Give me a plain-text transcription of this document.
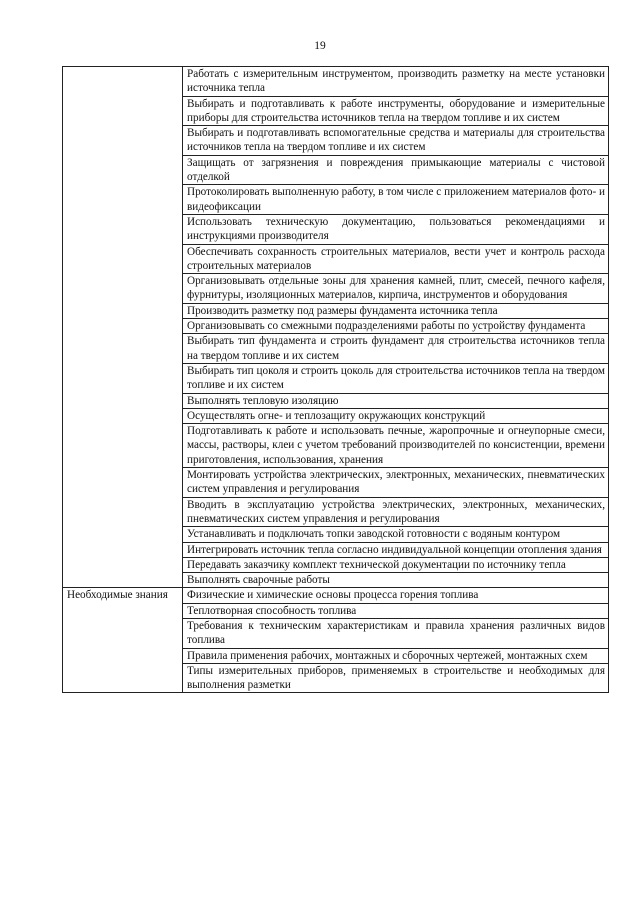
19
	Работать с измерительным инструментом, производить разметку на месте установки источника тепла
	Выбирать и подготавливать к работе инструменты, оборудование и измерительные приборы для строительства источников тепла на твердом топливе и их систем
	Выбирать и подготавливать вспомогательные средства и материалы для строительства источников тепла на твердом топливе и их систем
	Защищать от загрязнения и повреждения примыкающие материалы с чистовой отделкой
	Протоколировать выполненную работу, в том числе с приложением материалов фото- и видеофиксации
	Использовать техническую документацию, пользоваться рекомендациями и инструкциями производителя
	Обеспечивать сохранность строительных материалов, вести учет и контроль расхода строительных материалов
	Организовывать отдельные зоны для хранения камней, плит, смесей, печного кафеля, фурнитуры, изоляционных материалов, кирпича, инструментов и оборудования
	Производить разметку под размеры фундамента источника тепла
	Организовывать со смежными подразделениями работы по устройству фундамента
	Выбирать тип фундамента и строить фундамент для строительства источников тепла на твердом топливе и их систем
	Выбирать тип цоколя и строить цоколь для строительства источников тепла на твердом топливе и их систем
	Выполнять тепловую изоляцию
	Осуществлять огне- и теплозащиту окружающих конструкций
	Подготавливать к работе и использовать печные, жаропрочные и огнеупорные смеси, массы, растворы, клеи с учетом требований производителей по консистенции, времени приготовления, использования, хранения
	Монтировать устройства электрических, электронных, механических, пневматических систем управления и регулирования
	Вводить в эксплуатацию устройства электрических, электронных, механических, пневматических систем управления и регулирования
	Устанавливать и подключать топки заводской готовности с водяным контуром
	Интегрировать источник тепла согласно индивидуальной концепции отопления здания
	Передавать заказчику комплект технической документации по источнику тепла
	Выполнять сварочные работы

Необходимые знания	Физические и химические основы процесса горения топлива
	Теплотворная способность топлива
	Требования к техническим характеристикам и правила хранения различных видов топлива
	Правила применения рабочих, монтажных и сборочных чертежей, монтажных схем
	Типы измерительных приборов, применяемых в строительстве и необходимых для выполнения разметки
